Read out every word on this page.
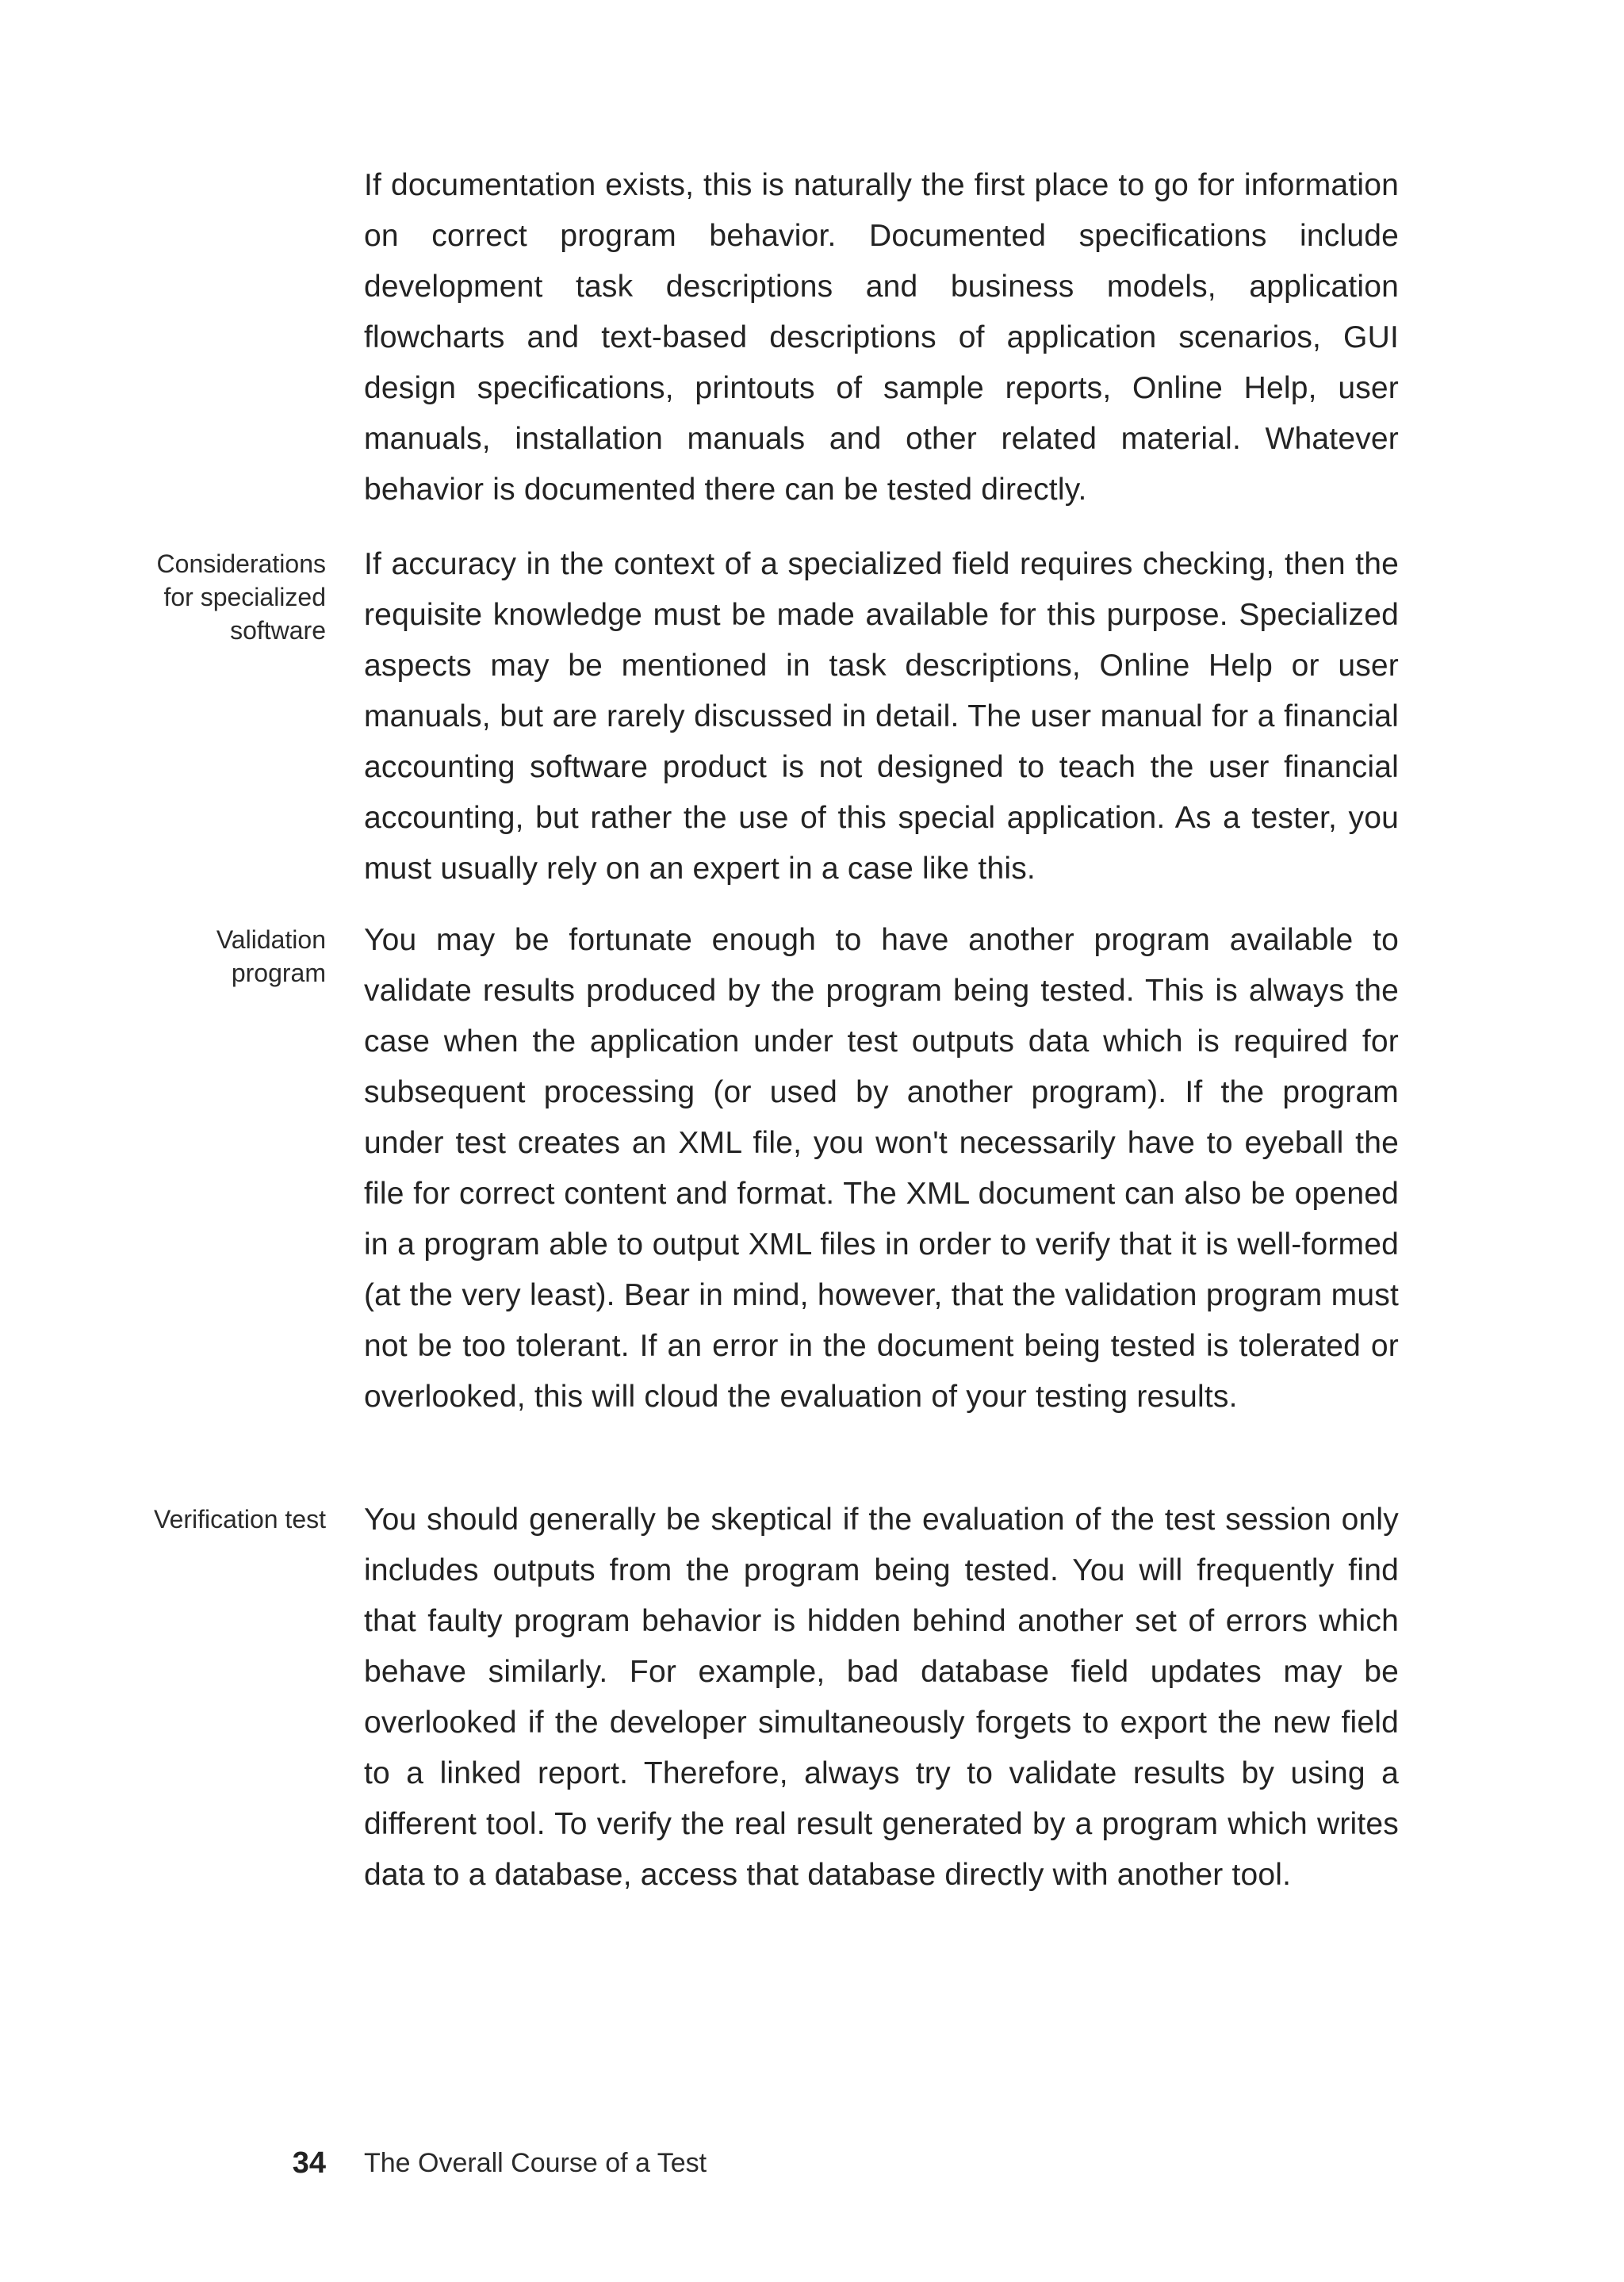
If documentation exists, this is naturally the first place to go for information on correct program behavior. Documented specifications include development task descriptions and business models, application flowcharts and text-based descriptions of application scenarios, GUI design specifications, printouts of sample reports, Online Help, user manuals, installation manuals and other related material. Whatever behavior is documented there can be tested directly.

Considerations
for specialized
software

If accuracy in the context of a specialized field requires checking, then the requisite knowledge must be made available for this purpose. Specialized aspects may be mentioned in task descriptions, Online Help or user manuals, but are rarely discussed in detail. The user manual for a financial accounting software product is not designed to teach the user financial accounting, but rather the use of this special application. As a tester, you must usually rely on an expert in a case like this.

Validation
program

You may be fortunate enough to have another program available to validate results produced by the program being tested. This is always the case when the application under test outputs data which is required for subsequent processing (or used by another program). If the program under test creates an XML file, you won't necessarily have to eyeball the file for correct content and format. The XML document can also be opened in a program able to output XML files in order to verify that it is well-formed (at the very least). Bear in mind, however, that the validation program must not be too tolerant. If an error in the document being tested is tolerated or overlooked, this will cloud the evaluation of your testing results.

Verification test You should generally be skeptical if the evaluation of the test session only includes outputs from the program being tested. You will frequently find that faulty program behavior is hidden behind another set of errors which behave similarly. For example, bad database field updates may be overlooked if the developer simultaneously forgets to export the new field to a linked report. Therefore, always try to validate results by using a different tool. To verify the real result generated by a program which writes data to a database, access that database directly with another tool.

34 The Overall Course of a Test
